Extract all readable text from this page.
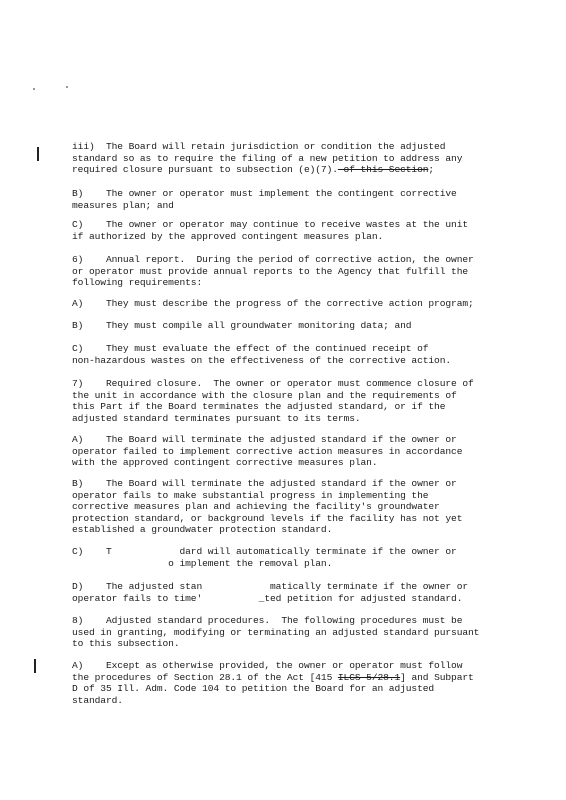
iii)  The Board will retain jurisdiction or condition the adjusted
standard so as to require the filing of a new petition to address any
required closure pursuant to subsection (e)(7). of this Section;

B)    The owner or operator must implement the contingent corrective
measures plan; and

C)    The owner or operator may continue to receive wastes at the unit
if authorized by the approved contingent measures plan.

6)    Annual report.  During the period of corrective action, the owner
or operator must provide annual reports to the Agency that fulfill the
following requirements:

A)    They must describe the progress of the corrective action program;

B)    They must compile all groundwater monitoring data; and

C)    They must evaluate the effect of the continued receipt of
non-hazardous wastes on the effectiveness of the corrective action.

7)    Required closure.  The owner or operator must commence closure of
the unit in accordance with the closure plan and the requirements of
this Part if the Board terminates the adjusted standard, or if the
adjusted standard terminates pursuant to its terms.

A)    The Board will terminate the adjusted standard if the owner or
operator failed to implement corrective action measures in accordance
with the approved contingent corrective measures plan.

B)    The Board will terminate the adjusted standard if the owner or
operator fails to make substantial progress in implementing the
corrective measures plan and achieving the facility's groundwater
protection standard, or background levels if the facility has not yet
established a groundwater protection standard.

C)    T            dard will automatically terminate if the owner or
o implement the removal plan.

D)    The adjusted stan            matically terminate if the owner or
operator fails to time'          _ted petition for adjusted standard.

8)    Adjusted standard procedures.  The following procedures must be
used in granting, modifying or terminating an adjusted standard pursuant
to this subsection.

A)    Except as otherwise provided, the owner or operator must follow
the procedures of Section 28.1 of the Act [415 ILCS 5/28.1] and Subpart
D of 35 Ill. Adm. Code 104 to petition the Board for an adjusted
standard.
